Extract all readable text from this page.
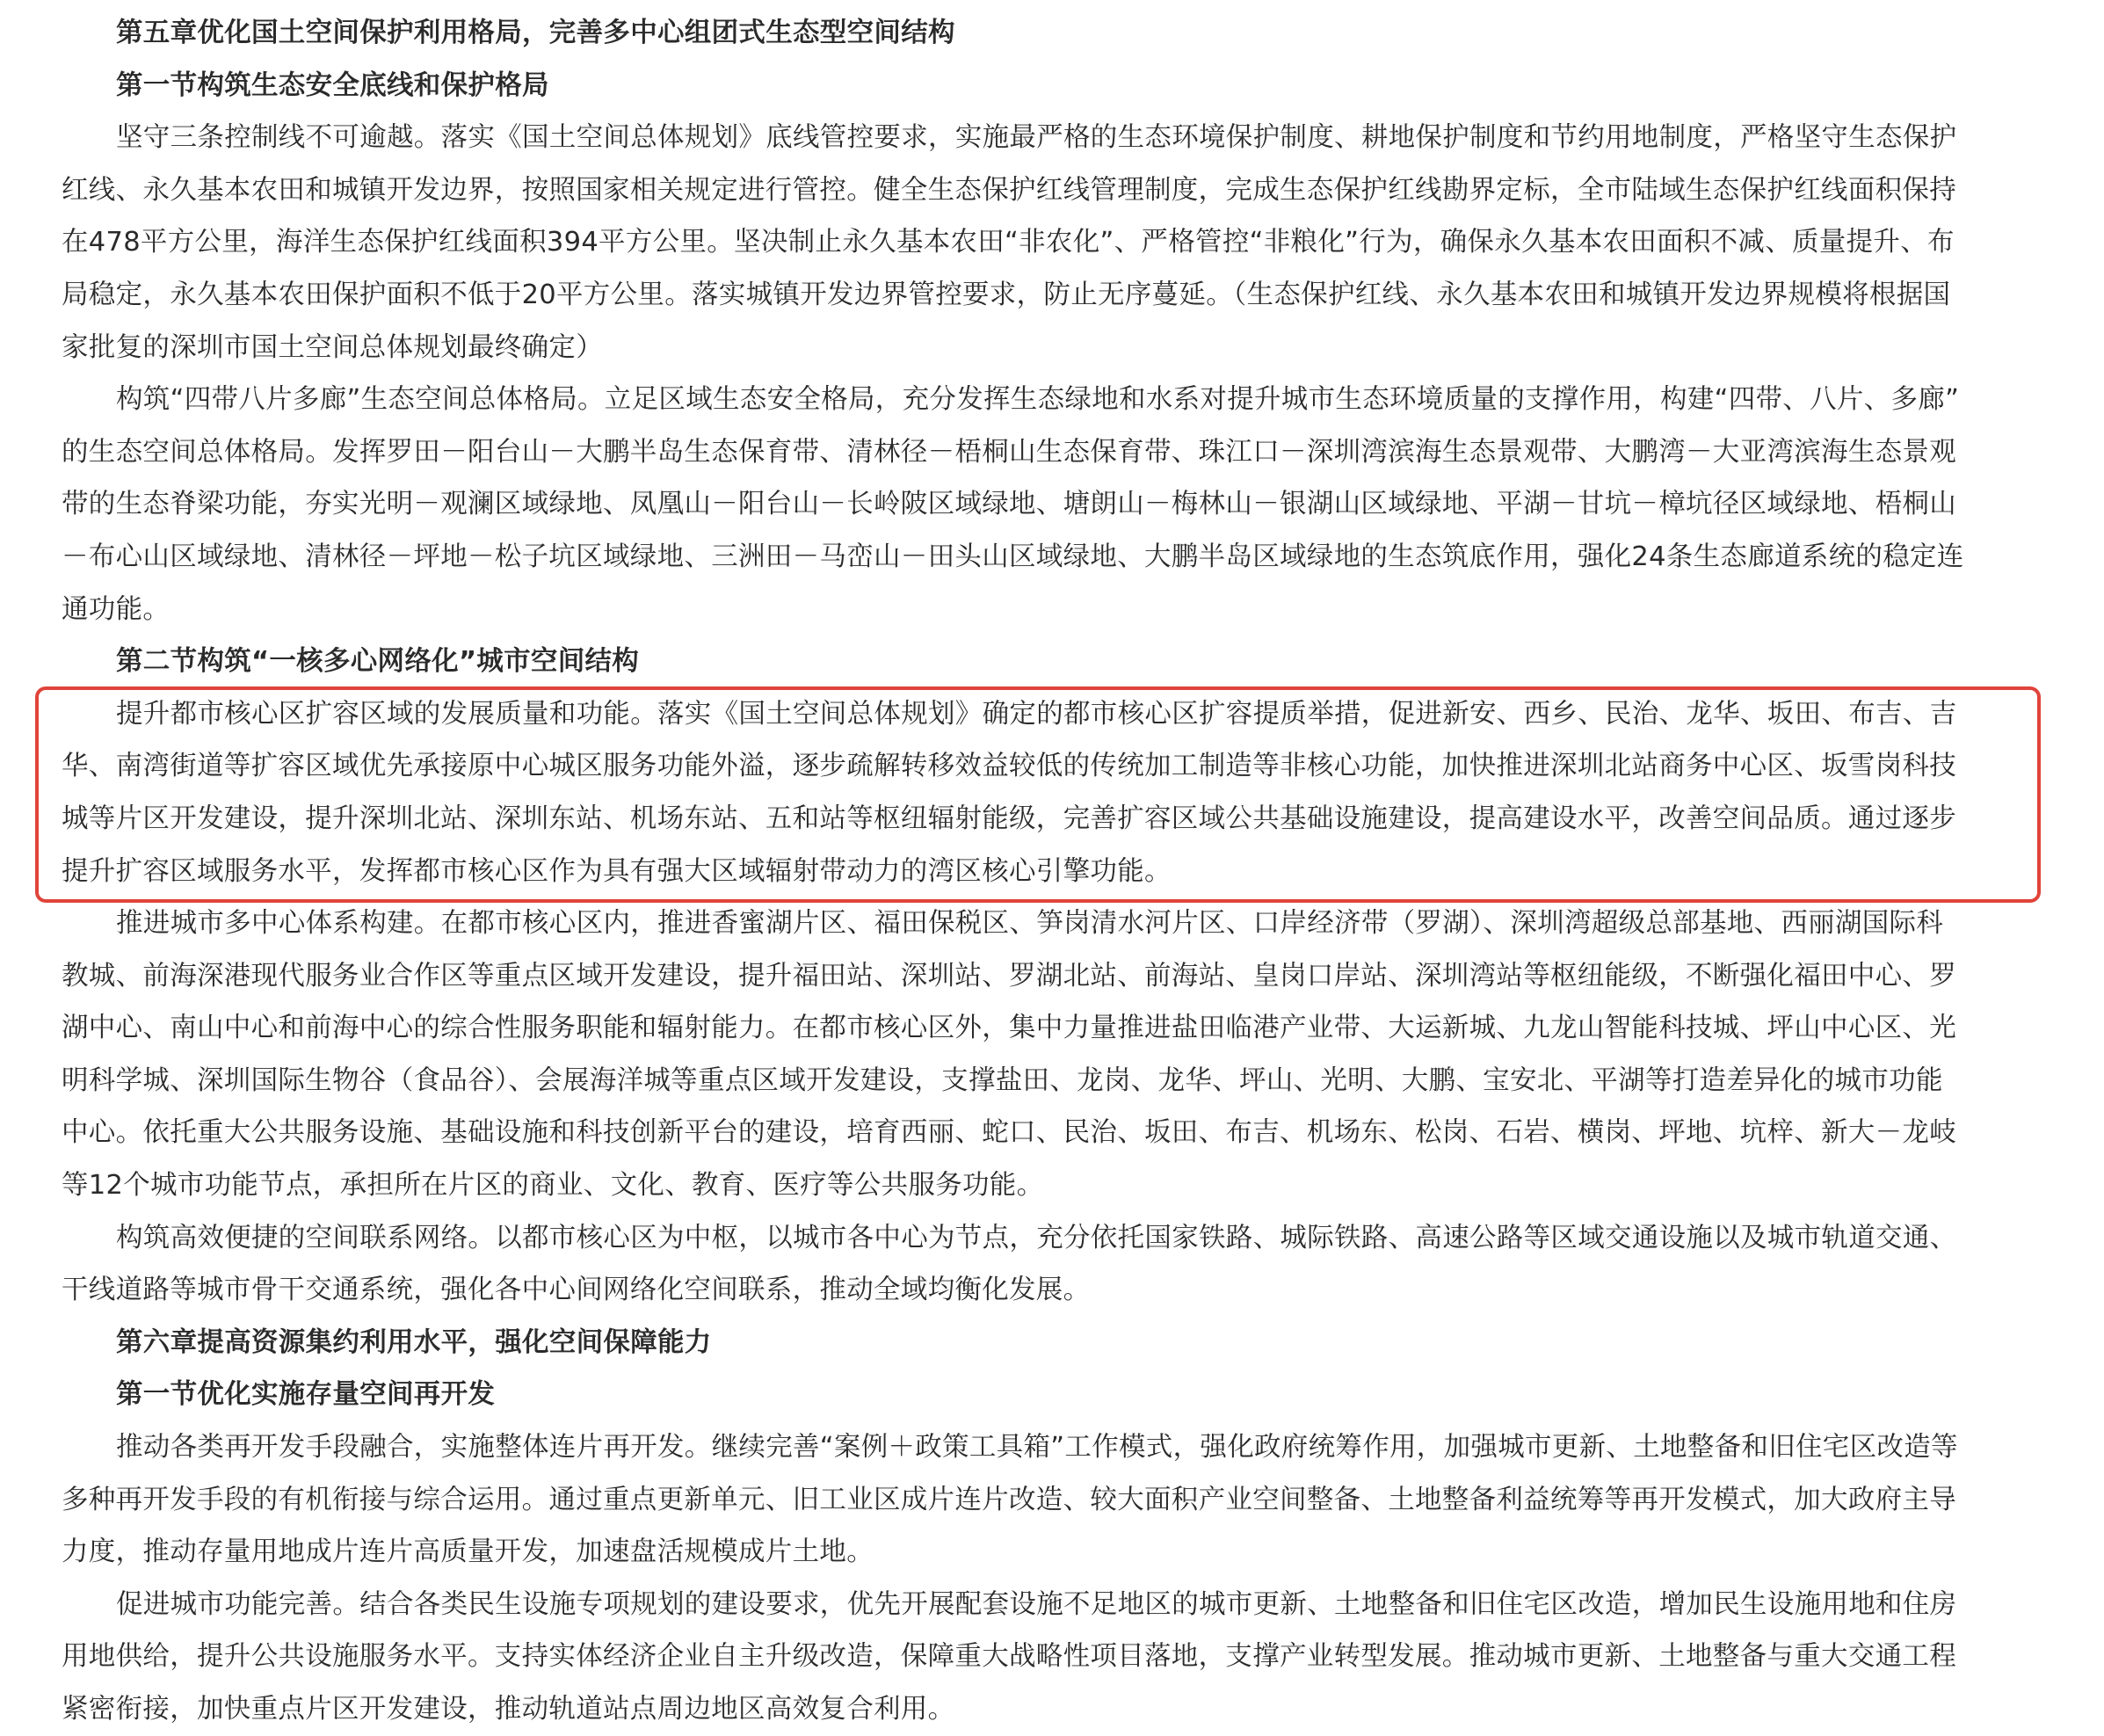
第五章优化国土空间保护利用格局，完善多中心组团式生态型空间结构
第一节构筑生态安全底线和保护格局
坚守三条控制线不可逾越。落实《国土空间总体规划》底线管控要求，实施最严格的生态环境保护制度、耕地保护制度和节约用地制度，严格坚守生态保护
红线、永久基本农田和城镇开发边界，按照国家相关规定进行管控。健全生态保护红线管理制度，完成生态保护红线勘界定标，全市陆域生态保护红线面积保持
在478平方公里，海洋生态保护红线面积394平方公里。坚决制止永久基本农田“非农化”、严格管控“非粮化”行为，确保永久基本农田面积不减、质量提升、布
局稳定，永久基本农田保护面积不低于20平方公里。落实城镇开发边界管控要求，防止无序蔓延。（生态保护红线、永久基本农田和城镇开发边界规模将根据国
家批复的深圳市国土空间总体规划最终确定）
构筑“四带八片多廊”生态空间总体格局。立足区域生态安全格局，充分发挥生态绿地和水系对提升城市生态环境质量的支撑作用，构建“四带、八片、多廊”
的生态空间总体格局。发挥罗田－阳台山－大鹏半岛生态保育带、清林径－梧桐山生态保育带、珠江口－深圳湾滨海生态景观带、大鹏湾－大亚湾滨海生态景观
带的生态脊梁功能，夯实光明－观澜区域绿地、凤凰山－阳台山－长岭陂区域绿地、塘朗山－梅林山－银湖山区域绿地、平湖－甘坑－樟坑径区域绿地、梧桐山
－布心山区域绿地、清林径－坪地－松子坑区域绿地、三洲田－马峦山－田头山区域绿地、大鹏半岛区域绿地的生态筑底作用，强化24条生态廊道系统的稳定连
通功能。
第二节构筑“一核多心网络化”城市空间结构
提升都市核心区扩容区域的发展质量和功能。落实《国土空间总体规划》确定的都市核心区扩容提质举措，促进新安、西乡、民治、龙华、坂田、布吉、吉
华、南湾街道等扩容区域优先承接原中心城区服务功能外溢，逐步疏解转移效益较低的传统加工制造等非核心功能，加快推进深圳北站商务中心区、坂雪岗科技
城等片区开发建设，提升深圳北站、深圳东站、机场东站、五和站等枢纽辐射能级，完善扩容区域公共基础设施建设，提高建设水平，改善空间品质。通过逐步
提升扩容区域服务水平，发挥都市核心区作为具有强大区域辐射带动力的湾区核心引擎功能。
推进城市多中心体系构建。在都市核心区内，推进香蜜湖片区、福田保税区、笋岗清水河片区、口岸经济带（罗湖）、深圳湾超级总部基地、西丽湖国际科
教城、前海深港现代服务业合作区等重点区域开发建设，提升福田站、深圳站、罗湖北站、前海站、皇岗口岸站、深圳湾站等枢纽能级，不断强化福田中心、罗
湖中心、南山中心和前海中心的综合性服务职能和辐射能力。在都市核心区外，集中力量推进盐田临港产业带、大运新城、九龙山智能科技城、坪山中心区、光
明科学城、深圳国际生物谷（食品谷）、会展海洋城等重点区域开发建设，支撑盐田、龙岗、龙华、坪山、光明、大鹏、宝安北、平湖等打造差异化的城市功能
中心。依托重大公共服务设施、基础设施和科技创新平台的建设，培育西丽、蛇口、民治、坂田、布吉、机场东、松岗、石岩、横岗、坪地、坑梓、新大－龙岐
等12个城市功能节点，承担所在片区的商业、文化、教育、医疗等公共服务功能。
构筑高效便捷的空间联系网络。以都市核心区为中枢，以城市各中心为节点，充分依托国家铁路、城际铁路、高速公路等区域交通设施以及城市轨道交通、
干线道路等城市骨干交通系统，强化各中心间网络化空间联系，推动全域均衡化发展。
第六章提高资源集约利用水平，强化空间保障能力
第一节优化实施存量空间再开发
推动各类再开发手段融合，实施整体连片再开发。继续完善“案例＋政策工具箱”工作模式，强化政府统筹作用，加强城市更新、土地整备和旧住宅区改造等
多种再开发手段的有机衔接与综合运用。通过重点更新单元、旧工业区成片连片改造、较大面积产业空间整备、土地整备利益统筹等再开发模式，加大政府主导
力度，推动存量用地成片连片高质量开发，加速盘活规模成片土地。
促进城市功能完善。结合各类民生设施专项规划的建设要求，优先开展配套设施不足地区的城市更新、土地整备和旧住宅区改造，增加民生设施用地和住房
用地供给，提升公共设施服务水平。支持实体经济企业自主升级改造，保障重大战略性项目落地，支撑产业转型发展。推动城市更新、土地整备与重大交通工程
紧密衔接，加快重点片区开发建设，推动轨道站点周边地区高效复合利用。
